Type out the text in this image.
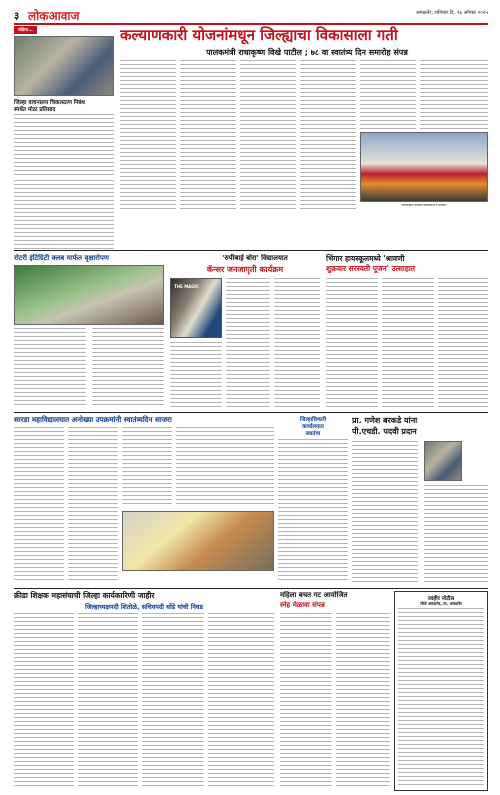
३ लोकआवाज	अमळनेर, शनिवार दि. १६ ऑगस्ट २०२५
संक्षिप्त...
जिल्हा वाचनालय चिकलठाण निबंध
स्पर्धेत मोठा प्रतिसाद
कल्याणकारी योजनांमधून जिल्ह्याचा विकासाला गती
पालकमंत्री राधाकृष्ण विखे पाटील ; ७८ वा स्वातंत्र्य दिन समारोह संपन्न
ध्वजारोहण करताना पालकमंत्री व मान्यवर
रोटरी इंटिग्रिटी क्लब मार्फत वृक्षारोपण	'रुपीबाई बोरा' विद्यालयात
कॅन्सर जनजागृती कार्यक्रम
THE MAGIC
भिंगार हायस्कूलमध्ये 'श्रावणी
शुक्रवार सरस्वती पूजन' उत्साहात
सारडा महाविद्यालयात अनोख्या उपक्रमांनी स्वातंत्र्यदिन साजरा	जिल्हाधिकारी
कार्यालयात
स्वातंत्र्य
प्रा. गणेश बरकडे यांना
पी.एचडी. पदवी प्रदान
क्रीडा शिक्षक महासंघाची जिल्हा कार्यकारिणी जाहीर
जिल्हाध्यक्षपदी शितोळे, सचिवपदी धोंडे यांची निवड
महिला बचत गट आयोजित
स्नेह मेळावा संपन्न
जाहीर नोटीस
मौजे अमळनेर, ता. अमळनेर
